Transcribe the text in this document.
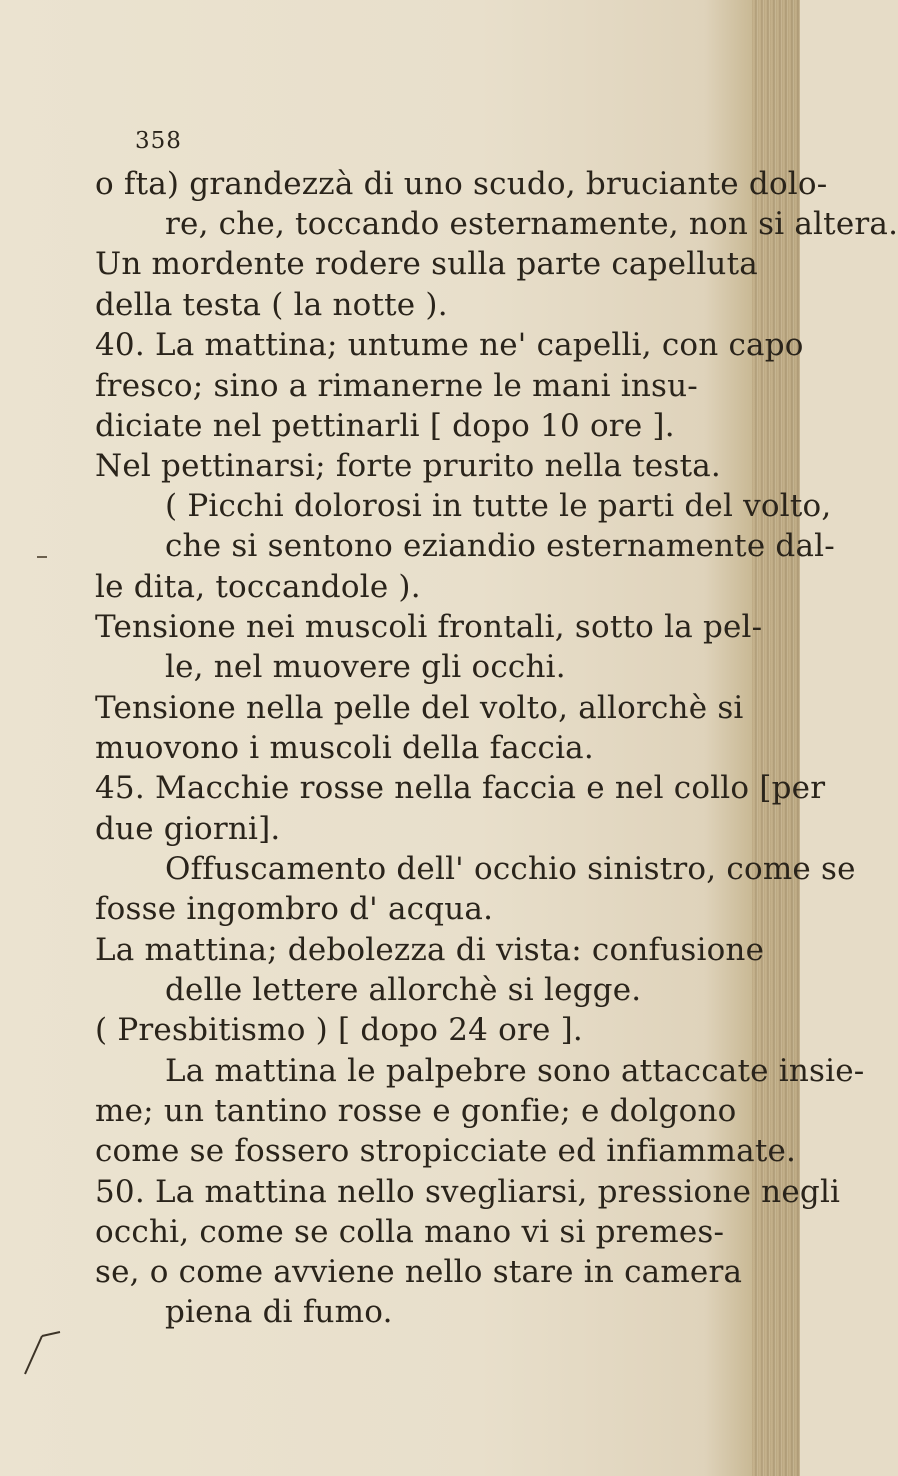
358
o fta) grandezzà di uno scudo, bruciante dolo-
re, che, toccando esternamente, non si altera.
Un mordente rodere sulla parte capelluta
della testa ( la notte ).
40. La mattina; untume ne' capelli, con capo
fresco; sino a rimanerne le mani insu-
diciate nel pettinarli [ dopo 10 ore ].
Nel pettinarsi; forte prurito nella testa.
( Picchi dolorosi in tutte le parti del volto,
che si sentono eziandio esternamente dal-
le dita, toccandole ).
Tensione nei muscoli frontali, sotto la pel-
le, nel muovere gli occhi.
Tensione nella pelle del volto, allorchè si
muovono i muscoli della faccia.
45. Macchie rosse nella faccia e nel collo [per
due giorni].
Offuscamento dell' occhio sinistro, come se
fosse ingombro d' acqua.
La mattina; debolezza di vista: confusione
delle lettere allorchè si legge.
( Presbitismo ) [ dopo 24 ore ].
La mattina le palpebre sono attaccate insie-
me; un tantino rosse e gonfie; e dolgono
come se fossero stropicciate ed infiammate.
50. La mattina nello svegliarsi, pressione negli
occhi, come se colla mano vi si premes-
se, o come avviene nello stare in camera
piena di fumo.
